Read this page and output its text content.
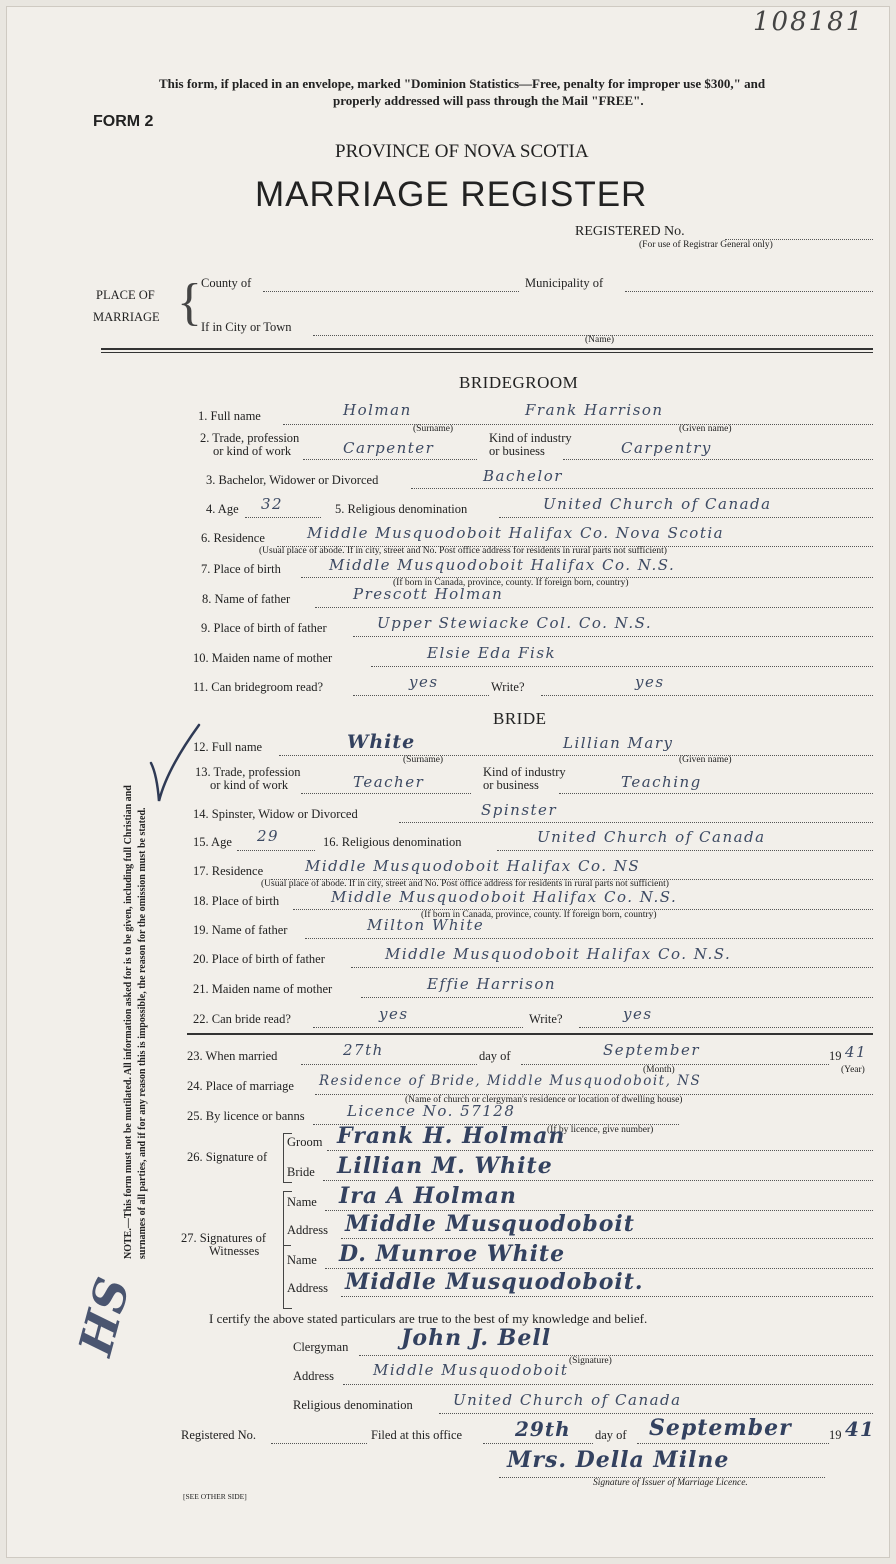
108181
This form, if placed in an envelope, marked "Dominion Statistics—Free, penalty for improper use $300," and
properly addressed will pass through the Mail "FREE".
FORM 2
PROVINCE OF NOVA SCOTIA
MARRIAGE REGISTER
REGISTERED No.
(For use of Registrar General only)
PLACE OF
MARRIAGE { County of	Municipality of
If in City or Town
(Name)
BRIDEGROOM
1. Full name	Holman	Frank Harrison
(Surname)	(Given name)
2. Trade, profession
or kind of work	Carpenter
Kind of industry
or business	Carpentry
3. Bachelor, Widower or Divorced	Bachelor
4. Age 32	5. Religious denomination	United Church of Canada
6. Residence	Middle Musquodoboit Halifax Co. Nova Scotia
(Usual place of abode. If in city, street and No. Post office address for residents in rural parts not sufficient)
7. Place of birth	Middle Musquodoboit Halifax Co. N.S.
(If born in Canada, province, county. If foreign born, country)
8. Name of father	Prescott Holman
9. Place of birth of father	Upper Stewiacke Col. Co. N.S.
10. Maiden name of mother	Elsie Eda Fisk
11. Can bridegroom read?	yes	Write?	yes
BRIDE
12. Full name	White	Lillian Mary
(Surname)	(Given name)
13. Trade, profession
or kind of work	Teacher
Kind of industry
or business	Teaching
14. Spinster, Widow or Divorced	Spinster
15. Age 29	16. Religious denomination	United Church of Canada
17. Residence	Middle Musquodoboit Halifax Co. NS
(Usual place of abode. If in city, street and No. Post office address for residents in rural parts not sufficient)
18. Place of birth	Middle Musquodoboit Halifax Co. N.S.
(If born in Canada, province, county. If foreign born, country)
19. Name of father	Milton White
20. Place of birth of father	Middle Musquodoboit Halifax Co. N.S.
21. Maiden name of mother	Effie Harrison
22. Can bride read?	yes	Write?	yes
23. When married	27th	day of	September	19 41
(Month)	(Year)
24. Place of marriage Residence of Bride, Middle Musquodoboit, NS
(Name of church or clergyman's residence or location of dwelling house)
25. By licence or banns	Licence No. 57128
(If by licence, give number)
26. Signature of
Groom Frank H. Holman
Bride Lillian M. White
27. Signatures of
Witnesses
Name Ira A Holman
Address Middle Musquodoboit
Name D. Munroe White
Address Middle Musquodoboit.
I certify the above stated particulars are true to the best of my knowledge and belief.
Clergyman John J. Bell
(Signature)
Address	Middle Musquodoboit
Religious denomination	United Church of Canada
Registered No.	Filed at this office	29th day of September	19 41
Mrs. Della Milne
Signature of Issuer of Marriage Licence.
[SEE OTHER SIDE]
NOTE.—This form must not be mutilated. All information asked for is to be given, including full Christian and surnames of all parties, and if for any reason this is impossible, the reason for the omission must be stated.
HS
